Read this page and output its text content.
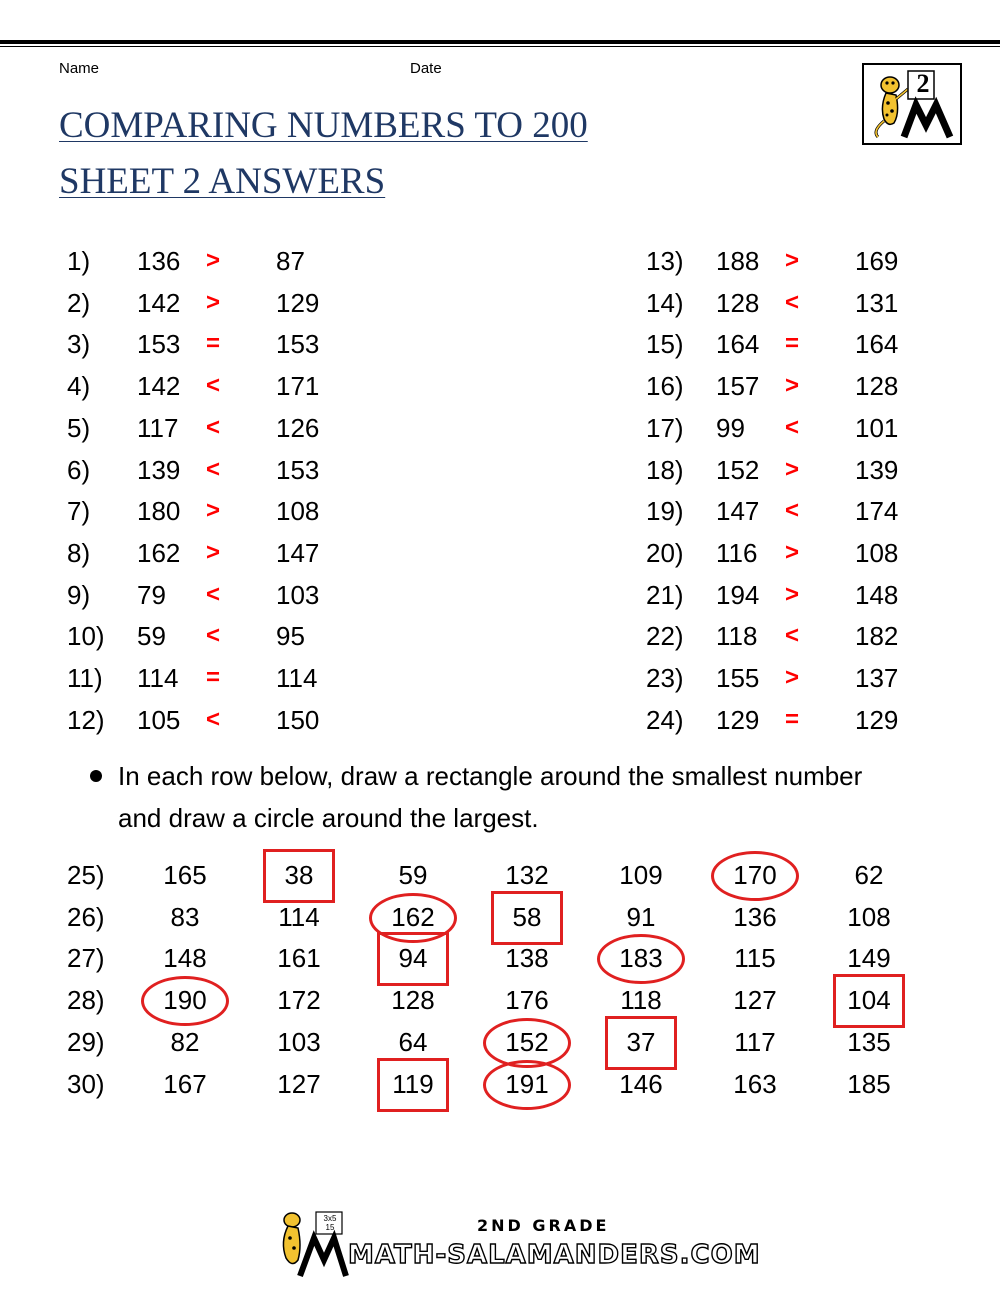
Name	Date
COMPARING NUMBERS TO 200
SHEET 2 ANSWERS
2
1) 136 > 87
2) 142 > 129
3) 153 = 153
4) 142 < 171
5) 117 < 126
6) 139 < 153
7) 180 > 108
8) 162 > 147
9) 79 < 103
10) 59 < 95
11) 114 = 114
12) 105 < 150
13) 188 > 169
14) 128 < 131
15) 164 = 164
16) 157 > 128
17) 99 < 101
18) 152 > 139
19) 147 < 174
20) 116 > 108
21) 194 > 148
22) 118 < 182
23) 155 > 137
24) 129 = 129
In each row below, draw a rectangle around the smallest number
and draw a circle around the largest.
25)	165	38	59	132	109	170	62
26)	83	114	162	58	91	136	108
27)	148	161	94	138	183	115	149
28)	190	172	128	176	118	127	104
29)	82	103	64	152	37	117	135
30)	167	127	119	191	146	163	185
3x5 15	2ND GRADE
MATH-SALAMANDERS.COM
